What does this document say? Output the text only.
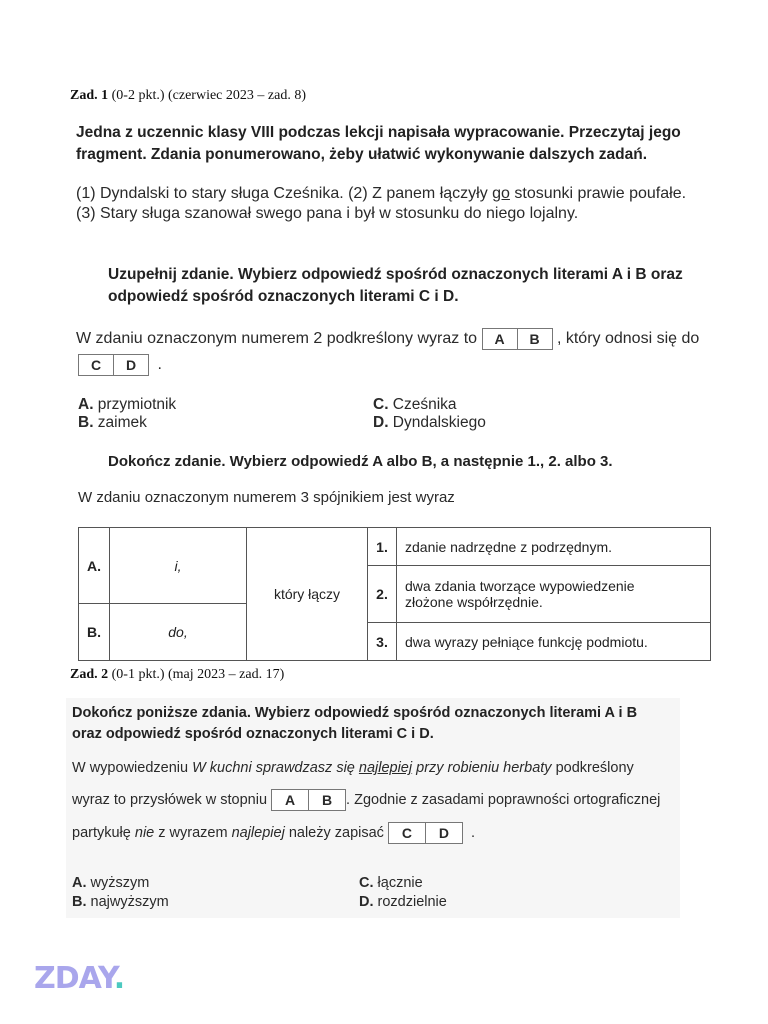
Zad. 1 (0-2 pkt.) (czerwiec 2023 – zad. 8)
Jedna z uczennic klasy VIII podczas lekcji napisała wypracowanie. Przeczytaj jego
fragment. Zdania ponumerowano, żeby ułatwić wykonywanie dalszych zadań.
(1) Dyndalski to stary sługa Cześnika. (2) Z panem łączyły go stosunki prawie poufałe.
(3) Stary sługa szanował swego pana i był w stosunku do niego lojalny.
Uzupełnij zdanie. Wybierz odpowiedź spośród oznaczonych literami A i B oraz
odpowiedź spośród oznaczonych literami C i D.
W zdaniu oznaczonym numerem 2 podkreślony wyraz to	A	B	, który odnosi się do
C	D	.
A. przymiotnik
B. zaimek
C. Cześnika
D. Dyndalskiego
Dokończ zdanie. Wybierz odpowiedź A albo B, a następnie 1., 2. albo 3.
W zdaniu oznaczonym numerem 3 spójnikiem jest wyraz
A.	i,	który łączy	1.	zdanie nadrzędne z podrzędnym.

			2.	dwa zdania tworzące wypowiedzenie
złożone współrzędnie.

B.	do,			

			3.	dwa wyrazy pełniące funkcję podmiotu.
Zad. 2 (0-1 pkt.) (maj 2023 – zad. 17)
Dokończ poniższe zdania. Wybierz odpowiedź spośród oznaczonych literami A i B
oraz odpowiedź spośród oznaczonych literami C i D.
W wypowiedzeniu W kuchni sprawdzasz się najlepiej przy robieniu herbaty podkreślony
wyraz to przysłówek w stopniu	A	B . Zgodnie z zasadami poprawności ortograficznej
partykułę nie z wyrazem najlepiej należy zapisać	C	D	.
A. wyższym
B. najwyższym
C. łącznie
D. rozdzielnie
ZDAY.
